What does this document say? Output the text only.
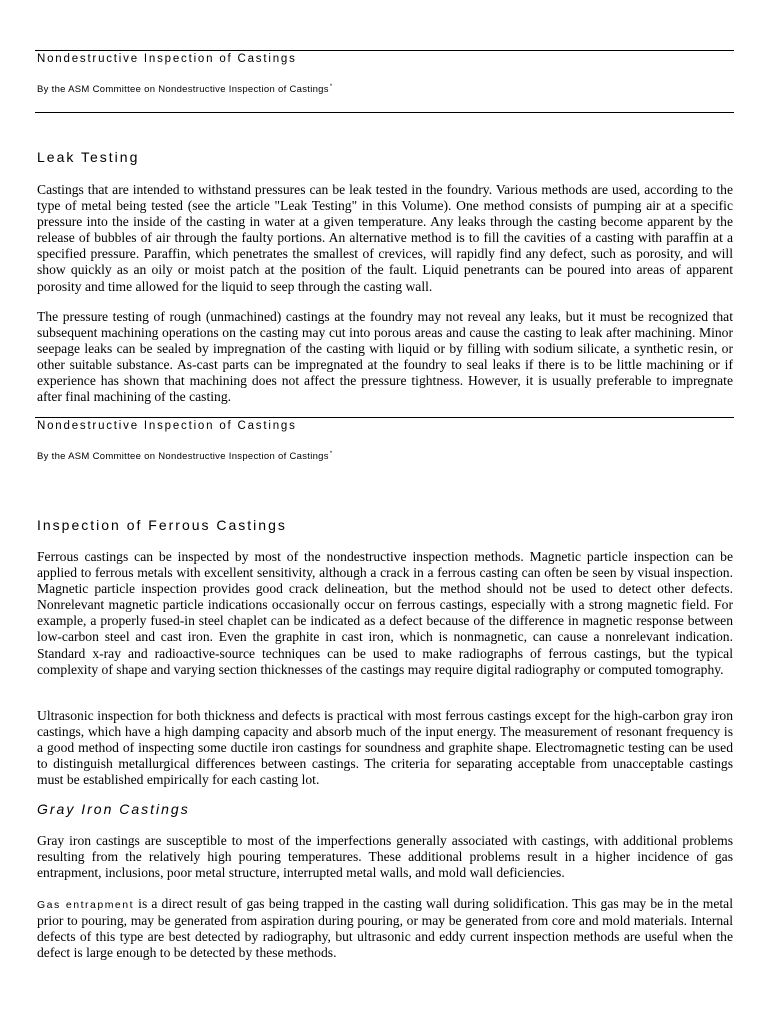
Nondestructive Inspection of Castings
By the ASM Committee on Nondestructive Inspection of Castings*
Leak Testing

Castings that are intended to withstand pressures can be leak tested in the foundry. Various methods are used, according to the type of metal being tested (see the article "Leak Testing" in this Volume). One method consists of pumping air at a specific pressure into the inside of the casting in water at a given temperature. Any leaks through the casting become apparent by the release of bubbles of air through the faulty portions. An alternative method is to fill the cavities of a casting with paraffin at a specified pressure. Paraffin, which penetrates the smallest of crevices, will rapidly find any defect, such as porosity, and will show quickly as an oily or moist patch at the position of the fault. Liquid penetrants can be poured into areas of apparent porosity and time allowed for the liquid to seep through the casting wall.

The pressure testing of rough (unmachined) castings at the foundry may not reveal any leaks, but it must be recognized that subsequent machining operations on the casting may cut into porous areas and cause the casting to leak after machining. Minor seepage leaks can be sealed by impregnation of the casting with liquid or by filling with sodium silicate, a synthetic resin, or other suitable substance. As-cast parts can be impregnated at the foundry to seal leaks if there is to be little machining or if experience has shown that machining does not affect the pressure tightness. However, it is usually preferable to impregnate after final machining of the casting.

Nondestructive Inspection of Castings
By the ASM Committee on Nondestructive Inspection of Castings*
Inspection of Ferrous Castings

Ferrous castings can be inspected by most of the nondestructive inspection methods. Magnetic particle inspection can be applied to ferrous metals with excellent sensitivity, although a crack in a ferrous casting can often be seen by visual inspection. Magnetic particle inspection provides good crack delineation, but the method should not be used to detect other defects. Nonrelevant magnetic particle indications occasionally occur on ferrous castings, especially with a strong magnetic field. For example, a properly fused-in steel chaplet can be indicated as a defect because of the difference in magnetic response between low-carbon steel and cast iron. Even the graphite in cast iron, which is nonmagnetic, can cause a nonrelevant indication. Standard x-ray and radioactive-source techniques can be used to make radiographs of ferrous castings, but the typical complexity of shape and varying section thicknesses of the castings may require digital radiography or computed tomography.

Ultrasonic inspection for both thickness and defects is practical with most ferrous castings except for the high-carbon gray iron castings, which have a high damping capacity and absorb much of the input energy. The measurement of resonant frequency is a good method of inspecting some ductile iron castings for soundness and graphite shape. Electromagnetic testing can be used to distinguish metallurgical differences between castings. The criteria for separating acceptable from unacceptable castings must be established empirically for each casting lot.

Gray Iron Castings

Gray iron castings are susceptible to most of the imperfections generally associated with castings, with additional problems resulting from the relatively high pouring temperatures. These additional problems result in a higher incidence of gas entrapment, inclusions, poor metal structure, interrupted metal walls, and mold wall deficiencies.

Gas entrapment is a direct result of gas being trapped in the casting wall during solidification. This gas may be in the metal prior to pouring, may be generated from aspiration during pouring, or may be generated from core and mold materials. Internal defects of this type are best detected by radiography, but ultrasonic and eddy current inspection methods are useful when the defect is large enough to be detected by these methods.
